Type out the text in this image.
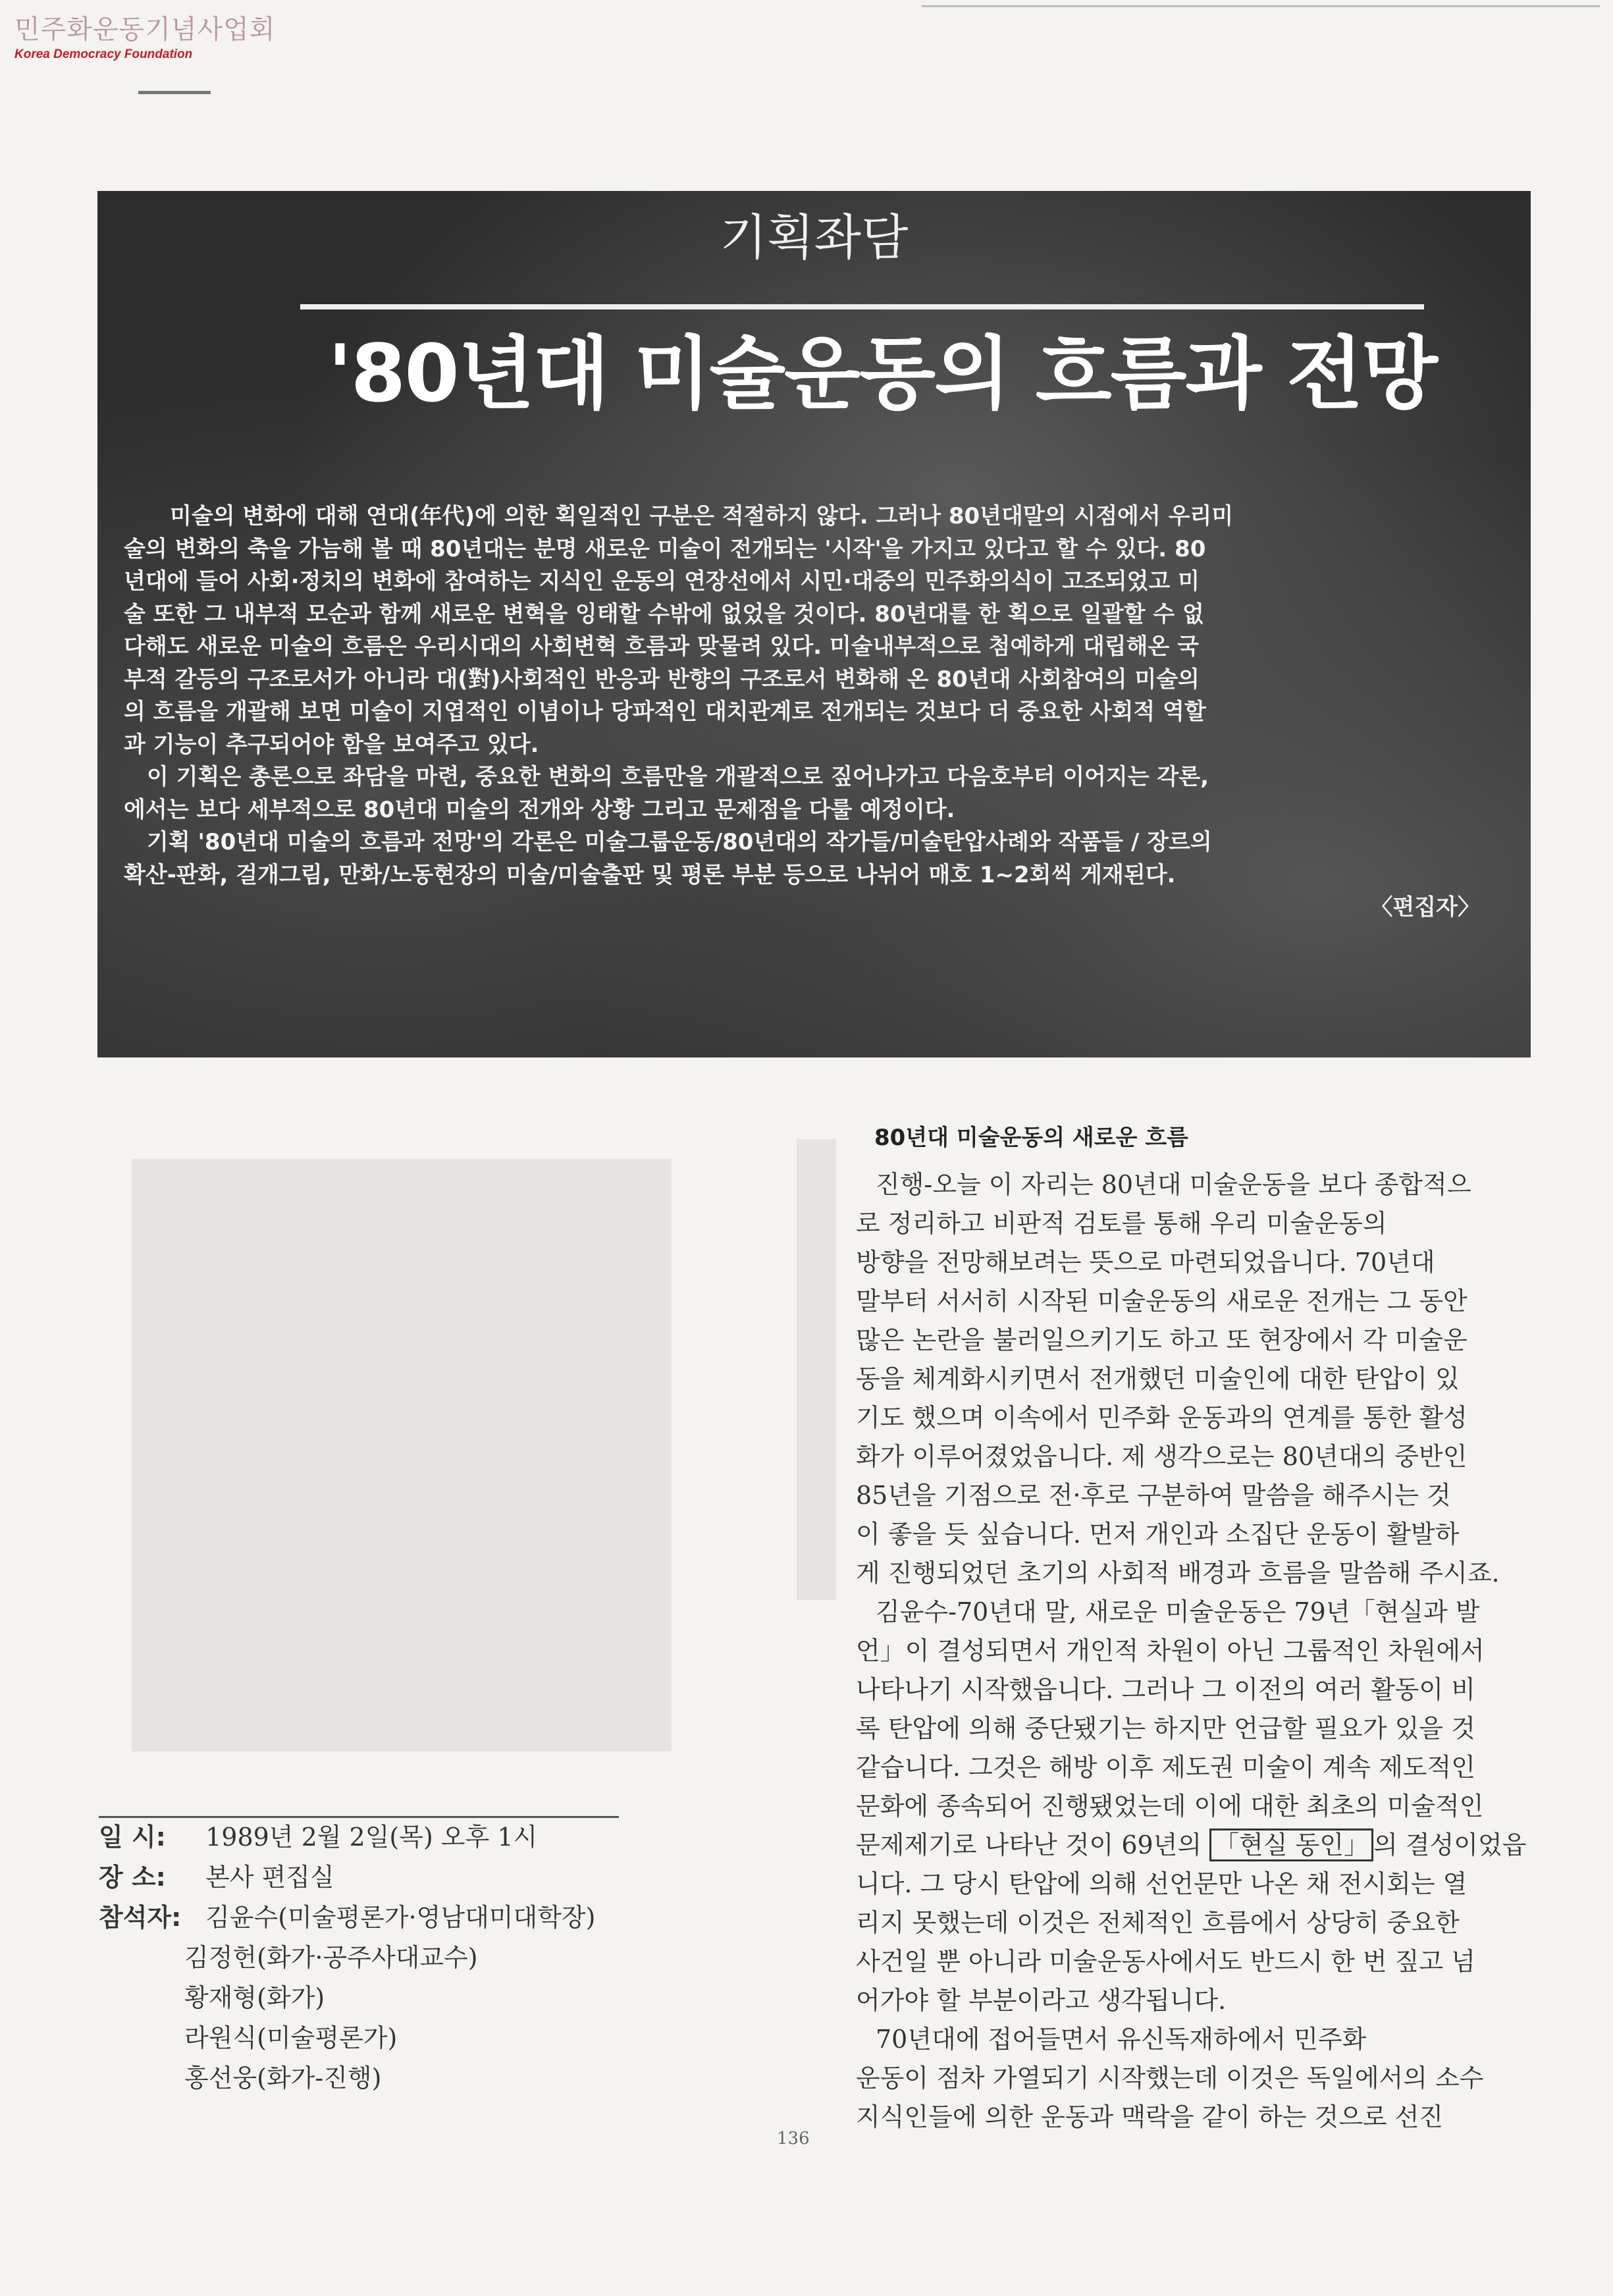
민주화운동기념사업회
Korea Democracy Foundation
기획좌담
'80년대 미술운동의 흐름과 전망

미술의 변화에 대해 연대(年代)에 의한 획일적인 구분은 적절하지 않다. 그러나 80년대말의 시점에서 우리미

술의 변화의 축을 가늠해 볼 때 80년대는 분명 새로운 미술이 전개되는 '시작'을 가지고 있다고 할 수 있다. 80

년대에 들어 사회·정치의 변화에 참여하는 지식인 운동의 연장선에서 시민·대중의 민주화의식이 고조되었고 미

술 또한 그 내부적 모순과 함께 새로운 변혁을 잉태할 수밖에 없었을 것이다. 80년대를 한 획으로 일괄할 수 없

다해도 새로운 미술의 흐름은 우리시대의 사회변혁 흐름과 맞물려 있다. 미술내부적으로 첨예하게 대립해온 국

부적 갈등의 구조로서가 아니라 대(對)사회적인 반응과 반향의 구조로서 변화해 온 80년대 사회참여의 미술의

의 흐름을 개괄해 보면 미술이 지엽적인 이념이나 당파적인 대치관계로 전개되는 것보다 더 중요한 사회적 역할

과 기능이 추구되어야 함을 보여주고 있다.

이 기획은 총론으로 좌담을 마련, 중요한 변화의 흐름만을 개괄적으로 짚어나가고 다음호부터 이어지는 각론,

에서는 보다 세부적으로 80년대 미술의 전개와 상황 그리고 문제점을 다룰 예정이다.

기획 '80년대 미술의 흐름과 전망'의 각론은 미술그룹운동/80년대의 작가들/미술탄압사례와 작품들 / 장르의

확산-판화, 걸개그림, 만화/노동현장의 미술/미술출판 및 평론 부분 등으로 나뉘어 매호 1~2회씩 게재된다.

〈편집자〉

80년대 미술운동의 새로운 흐름

진행-오늘 이 자리는 80년대 미술운동을 보다 종합적으

로 정리하고 비판적 검토를 통해 우리 미술운동의

방향을 전망해보려는 뜻으로 마련되었읍니다. 70년대

말부터 서서히 시작된 미술운동의 새로운 전개는 그 동안

많은 논란을 불러일으키기도 하고 또 현장에서 각 미술운

동을 체계화시키면서 전개했던 미술인에 대한 탄압이 있

기도 했으며 이속에서 민주화 운동과의 연계를 통한 활성

화가 이루어졌었읍니다. 제 생각으로는 80년대의 중반인

85년을 기점으로 전·후로 구분하여 말씀을 해주시는 것

이 좋을 듯 싶습니다. 먼저 개인과 소집단 운동이 활발하

게 진행되었던 초기의 사회적 배경과 흐름을 말씀해 주시죠.

김윤수-70년대 말, 새로운 미술운동은 79년「현실과 발

언」이 결성되면서 개인적 차원이 아닌 그룹적인 차원에서

나타나기 시작했읍니다. 그러나 그 이전의 여러 활동이 비

록 탄압에 의해 중단됐기는 하지만 언급할 필요가 있을 것

같습니다. 그것은 해방 이후 제도권 미술이 계속 제도적인

문화에 종속되어 진행됐었는데 이에 대한 최초의 미술적인

문제제기로 나타난 것이 69년의 「현실 동인」 의 결성이었읍

니다. 그 당시 탄압에 의해 선언문만 나온 채 전시회는 열

리지 못했는데 이것은 전체적인 흐름에서 상당히 중요한

사건일 뿐 아니라 미술운동사에서도 반드시 한 번 짚고 넘

어가야 할 부분이라고 생각됩니다.

70년대에 접어들면서 유신독재하에서 민주화

운동이 점차 가열되기 시작했는데 이것은 독일에서의 소수

지식인들에 의한 운동과 맥락을 같이 하는 것으로 선진

일 시: 1989년 2월 2일(목) 오후 1시
장 소: 본사 편집실
참석자: 김윤수(미술평론가·영남대미대학장)
김정헌(화가·공주사대교수)
황재형(화가)
라원식(미술평론가)
홍선웅(화가-진행)
136
